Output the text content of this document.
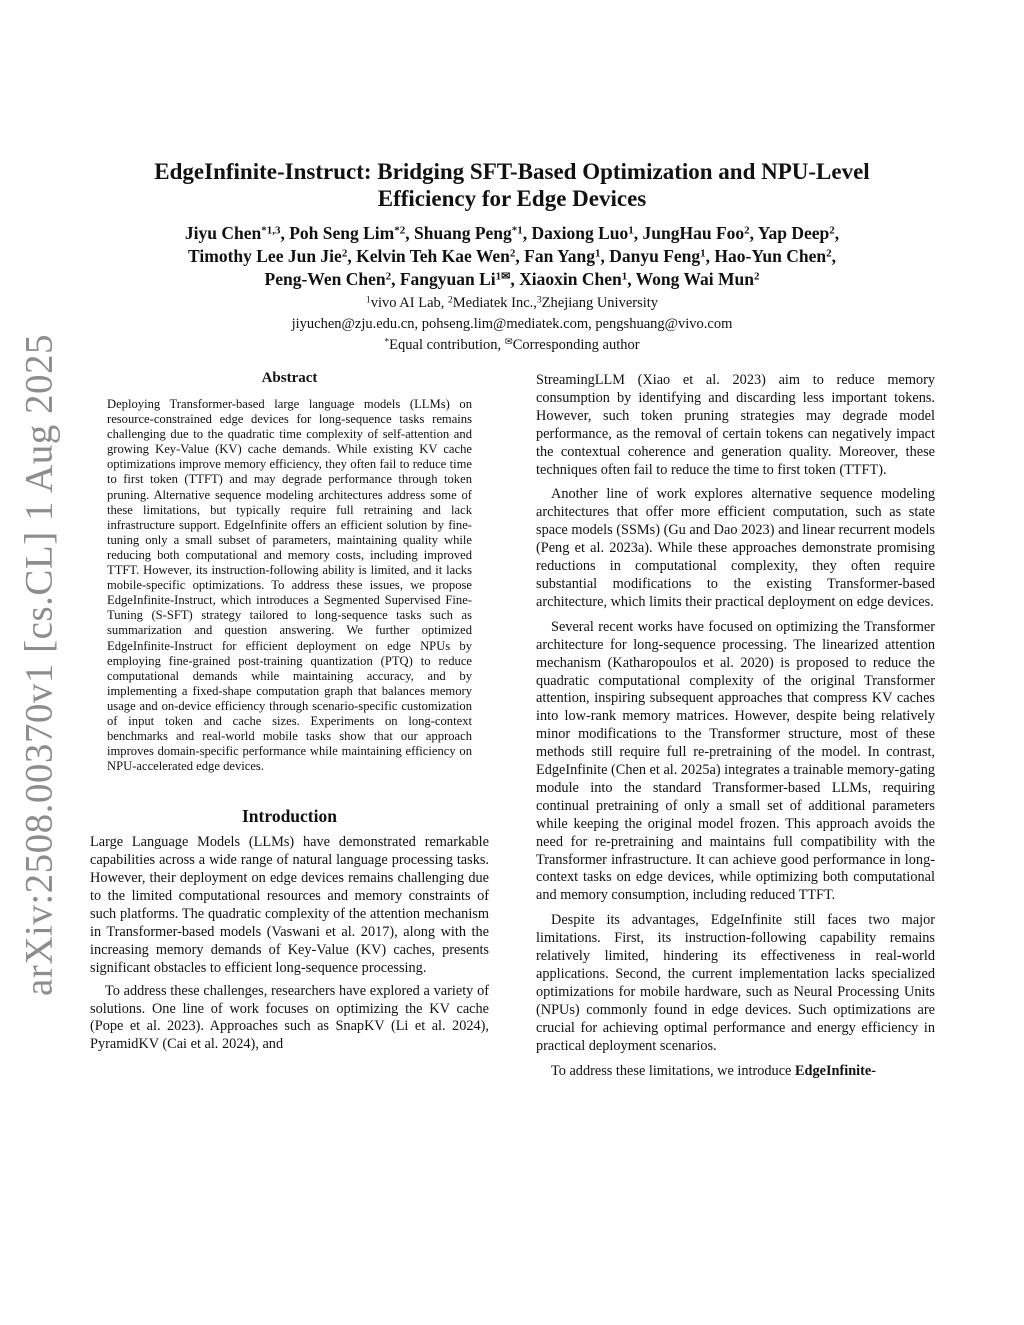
arXiv:2508.00370v1 [cs.CL] 1 Aug 2025
EdgeInfinite-Instruct: Bridging SFT-Based Optimization and NPU-Level
Efficiency for Edge Devices
Jiyu Chen$^{*1,3}$, Poh Seng Lim$^{*2}$, Shuang Peng$^{*1}$, Daxiong Luo$^1$, JungHau Foo$^2$, Yap Deep$^2$,
Timothy Lee Jun Jie$^2$, Kelvin Teh Kae Wen$^2$, Fan Yang$^1$, Danyu Feng$^1$, Hao-Yun Chen$^2$,
Peng-Wen Chen$^2$, Fangyuan $Li^{1✉}$, Xiaoxin Chen$^1$, Wong Wai Mun$^2$
$^1$vivo AI Lab, $^2$Mediatek Inc.,$^3$Zhejiang University
jiyuchen@zju.edu.cn, pohseng.lim@mediatek.com, pengshuang@vivo.com
*Equal contribution, ✉Corresponding author
Abstract

Deploying Transformer-based large language models (LLMs) on resource-constrained edge devices for long-sequence tasks remains challenging due to the quadratic time complexity of self-attention and growing Key-Value (KV) cache demands. While existing KV cache optimizations improve memory efficiency, they often fail to reduce time to first token (TTFT) and may degrade performance through token pruning. Alternative sequence modeling architectures address some of these limitations, but typically require full retraining and lack infrastructure support. EdgeInfinite offers an efficient solution by fine-tuning only a small subset of parameters, maintaining quality while reducing both computational and memory costs, including improved TTFT. However, its instruction-following ability is limited, and it lacks mobile-specific optimizations. To address these issues, we propose EdgeInfinite-Instruct, which introduces a Segmented Supervised Fine-Tuning (S-SFT) strategy tailored to long-sequence tasks such as summarization and question answering. We further optimized EdgeInfinite-Instruct for efficient deployment on edge NPUs by employing fine-grained post-training quantization (PTQ) to reduce computational demands while maintaining accuracy, and by implementing a fixed-shape computation graph that balances memory usage and on-device efficiency through scenario-specific customization of input token and cache sizes. Experiments on long-context benchmarks and real-world mobile tasks show that our approach improves domain-specific performance while maintaining efficiency on NPU-accelerated edge devices.

Introduction

Large Language Models (LLMs) have demonstrated remarkable capabilities across a wide range of natural language processing tasks. However, their deployment on edge devices remains challenging due to the limited computational resources and memory constraints of such platforms. The quadratic complexity of the attention mechanism in Transformer-based models (Vaswani et al. 2017), along with the increasing memory demands of Key-Value (KV) caches, presents significant obstacles to efficient long-sequence processing.

To address these challenges, researchers have explored a variety of solutions. One line of work focuses on optimizing the KV cache (Pope et al. 2023). Approaches such as SnapKV (Li et al. 2024), PyramidKV (Cai et al. 2024), and

StreamingLLM (Xiao et al. 2023) aim to reduce memory consumption by identifying and discarding less important tokens. However, such token pruning strategies may degrade model performance, as the removal of certain tokens can negatively impact the contextual coherence and generation quality. Moreover, these techniques often fail to reduce the time to first token (TTFT).

Another line of work explores alternative sequence modeling architectures that offer more efficient computation, such as state space models (SSMs) (Gu and Dao 2023) and linear recurrent models (Peng et al. 2023a). While these approaches demonstrate promising reductions in computational complexity, they often require substantial modifications to the existing Transformer-based architecture, which limits their practical deployment on edge devices.

Several recent works have focused on optimizing the Transformer architecture for long-sequence processing. The linearized attention mechanism (Katharopoulos et al. 2020) is proposed to reduce the quadratic computational complexity of the original Transformer attention, inspiring subsequent approaches that compress KV caches into low-rank memory matrices. However, despite being relatively minor modifications to the Transformer structure, most of these methods still require full re-pretraining of the model. In contrast, EdgeInfinite (Chen et al. 2025a) integrates a trainable memory-gating module into the standard Transformer-based LLMs, requiring continual pretraining of only a small set of additional parameters while keeping the original model frozen. This approach avoids the need for re-pretraining and maintains full compatibility with the Transformer infrastructure. It can achieve good performance in long-context tasks on edge devices, while optimizing both computational and memory consumption, including reduced TTFT.

Despite its advantages, EdgeInfinite still faces two major limitations. First, its instruction-following capability remains relatively limited, hindering its effectiveness in real-world applications. Second, the current implementation lacks specialized optimizations for mobile hardware, such as Neural Processing Units (NPUs) commonly found in edge devices. Such optimizations are crucial for achieving optimal performance and energy efficiency in practical deployment scenarios.

To address these limitations, we introduce EdgeInfinite-
